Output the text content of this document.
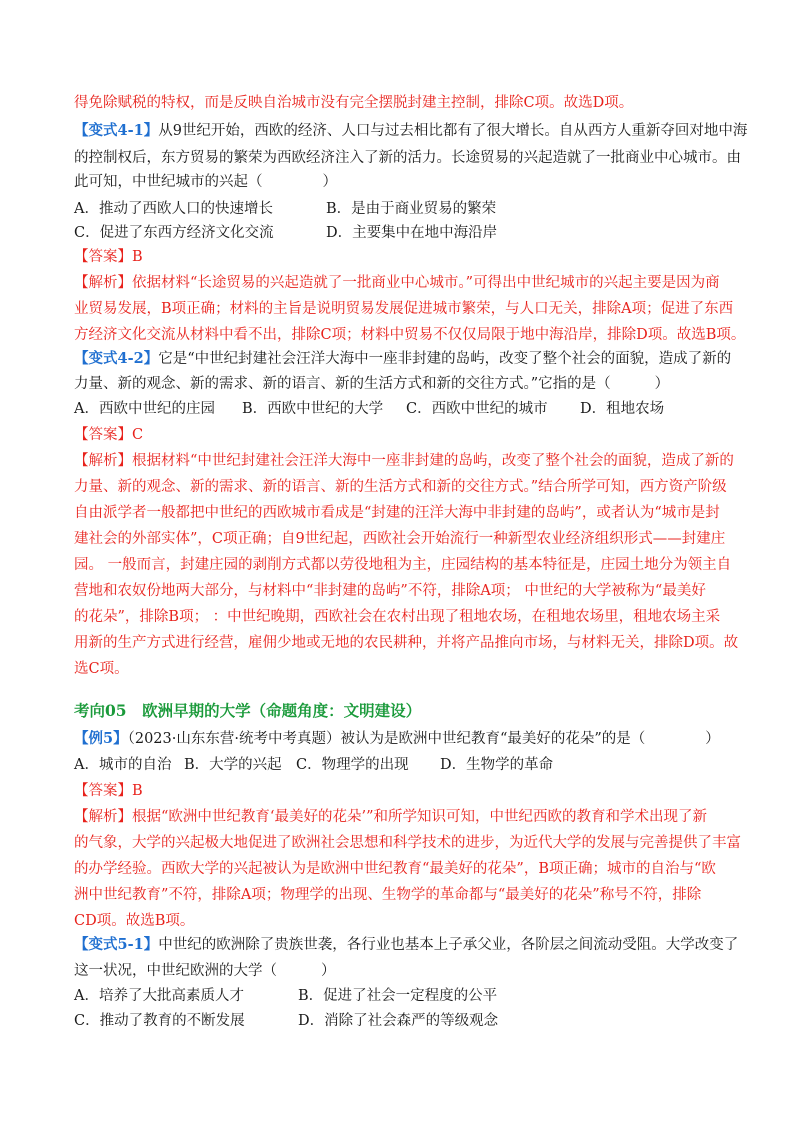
得免除赋税的特权，而是反映自治城市没有完全摆脱封建主控制，排除C项。故选D项。
【变式4-1】从9世纪开始，西欧的经济、人口与过去相比都有了很大增长。自从西方人重新夺回对地中海
的控制权后，东方贸易的繁荣为西欧经济注入了新的活力。长途贸易的兴起造就了一批商业中心城市。由
此可知，中世纪城市的兴起（	）
A．推动了西欧人口的快速增长	B．是由于商业贸易的繁荣
C．促进了东西方经济文化交流	D．主要集中在地中海沿岸
【答案】B
【解析】依据材料“长途贸易的兴起造就了一批商业中心城市。”可得出中世纪城市的兴起主要是因为商
业贸易发展，B项正确；材料的主旨是说明贸易发展促进城市繁荣，与人口无关，排除A项；促进了东西
方经济文化交流从材料中看不出，排除C项；材料中贸易不仅仅局限于地中海沿岸，排除D项。故选B项。
【变式4-2】它是“中世纪封建社会汪洋大海中一座非封建的岛屿，改变了整个社会的面貌，造成了新的
力量、新的观念、新的需求、新的语言、新的生活方式和新的交往方式。”它指的是（	）
A．西欧中世纪的庄园 B．西欧中世纪的大学 C．西欧中世纪的城市 D．租地农场
【答案】C
【解析】根据材料“中世纪封建社会汪洋大海中一座非封建的岛屿，改变了整个社会的面貌，造成了新的
力量、新的观念、新的需求、新的语言、新的生活方式和新的交往方式。”结合所学可知，西方资产阶级
自由派学者一般都把中世纪的西欧城市看成是“封建的汪洋大海中非封建的岛屿”，或者认为“城市是封
建社会的外部实体”，C项正确；自9世纪起，西欧社会开始流行一种新型农业经济组织形式——封建庄
园。 一般而言，封建庄园的剥削方式都以劳役地租为主，庄园结构的基本特征是，庄园土地分为领主自
营地和农奴份地两大部分，与材料中“非封建的岛屿”不符，排除A项； 中世纪的大学被称为“最美好
的花朵”，排除B项； ：中世纪晚期，西欧社会在农村出现了租地农场，在租地农场里，租地农场主采
用新的生产方式进行经营，雇佣少地或无地的农民耕种，并将产品推向市场，与材料无关，排除D项。故
选C项。
考向05　欧洲早期的大学（命题角度：文明建设）
【例5】（2023·山东东营·统考中考真题）被认为是欧洲中世纪教育“最美好的花朵”的是（	）
A．城市的自治 B．大学的兴起 C．物理学的出现 D．生物学的革命
【答案】B
【解析】根据“欧洲中世纪教育‘最美好的花朵’”和所学知识可知，中世纪西欧的教育和学术出现了新
的气象，大学的兴起极大地促进了欧洲社会思想和科学技术的进步，为近代大学的发展与完善提供了丰富
的办学经验。西欧大学的兴起被认为是欧洲中世纪教育“最美好的花朵”，B项正确；城市的自治与“欧
洲中世纪教育”不符，排除A项；物理学的出现、生物学的革命都与“最美好的花朵”称号不符，排除
CD项。故选B项。
【变式5-1】中世纪的欧洲除了贵族世袭，各行业也基本上子承父业，各阶层之间流动受阻。大学改变了
这一状况，中世纪欧洲的大学（	）
A．培养了大批高素质人才	B．促进了社会一定程度的公平
C．推动了教育的不断发展	D．消除了社会森严的等级观念
